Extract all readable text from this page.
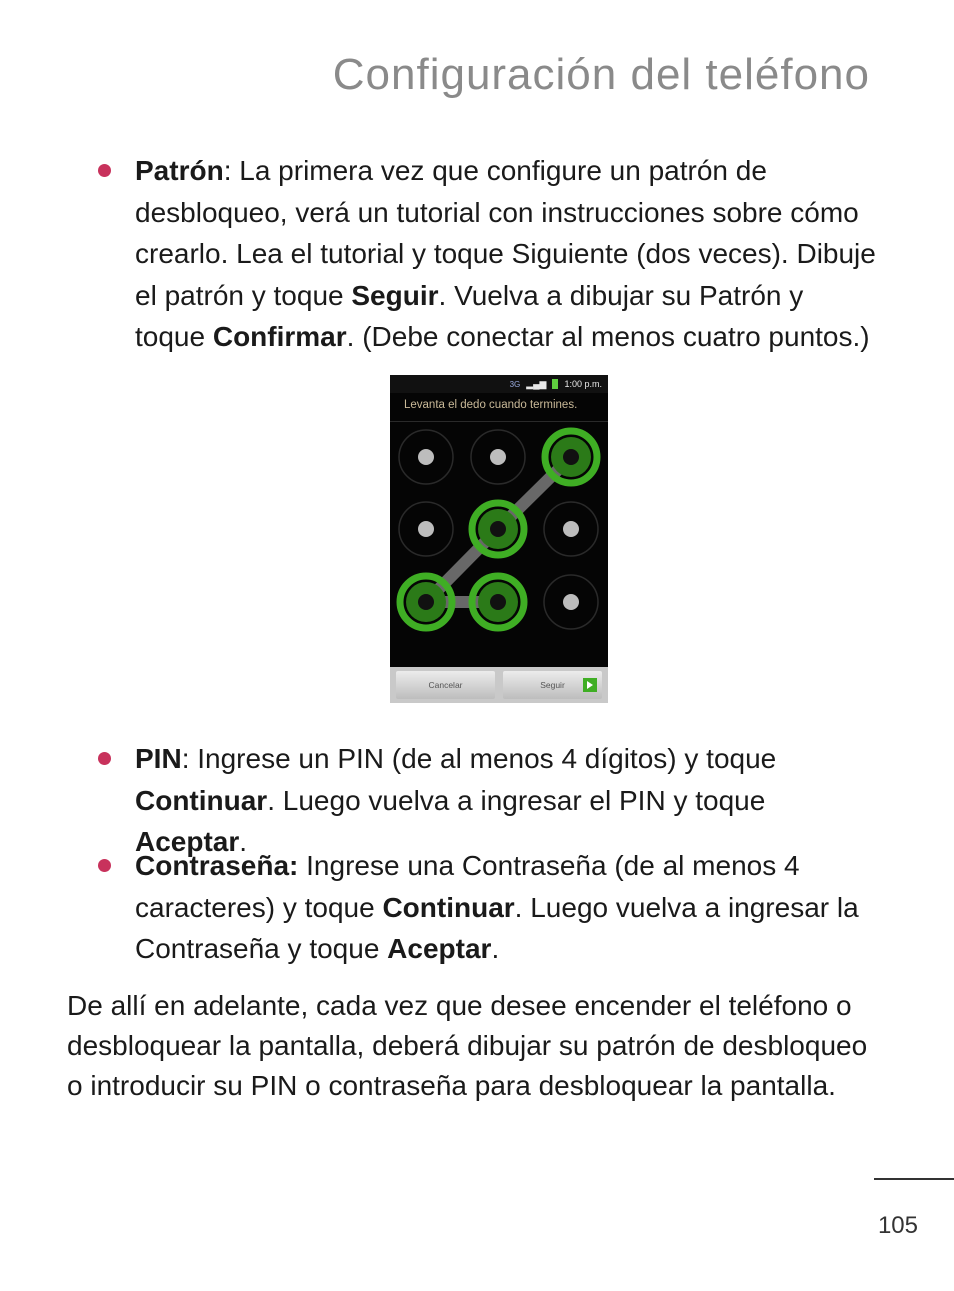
Configuración del teléfono
Patrón: La primera vez que configure un patrón de desbloqueo, verá un tutorial con instrucciones sobre cómo crearlo. Lea el tutorial y toque Siguiente (dos veces). Dibuje el patrón y toque Seguir. Vuelva a dibujar su Patrón y toque Confirmar. (Debe conectar al menos cuatro puntos.)
3G ▂▄▆ 1:00 p.m.
Levanta el dedo cuando termines.
Cancelar	Seguir
PIN: Ingrese un PIN (de al menos 4 dígitos) y toque Continuar. Luego vuelva a ingresar el PIN y toque Aceptar.
Contraseña: Ingrese una Contraseña (de al menos 4 caracteres) y toque Continuar. Luego vuelva a ingresar la Contraseña y toque Aceptar.

De allí en adelante, cada vez que desee encender el teléfono o desbloquear la pantalla, deberá dibujar su patrón de desbloqueo o introducir su PIN o contraseña para desbloquear la pantalla.

105
